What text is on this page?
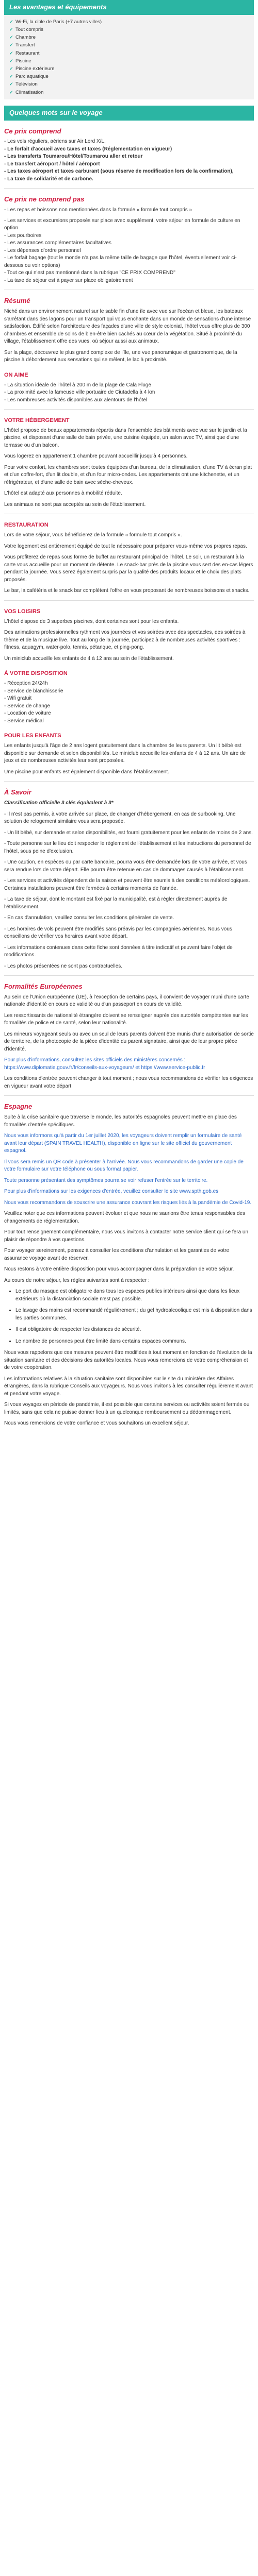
Les avantages et équipements
✔ Wi-Fi, la cible de Paris (+7 autres villes)
✔ Tout compris
✔ Chambre
✔ Transfert
✔ Restaurant
✔ Piscine
✔ Piscine extérieure
✔ Parc aquatique
✔ Télévision
✔ Climatisation
Quelques mots sur le voyage
Ce prix comprend
- Les vols réguliers, aériens sur Air Lord X/L,
- Le forfait d'accueil avec taxes et taxes (Réglementation en vigueur)
- Les transferts Toumarou/Hôtel/Toumarou aller et retour
- Le transfert aéroport / hôtel / aéroport
- Les taxes aéroport et taxes carburant (sous réserve de modification lors de la confirmation),
- La taxe de solidarité et de carbone.
Ce prix ne comprend pas
- Les repas et boissons non mentionnées dans la formule « formule tout compris »
- Les services et excursions proposés sur place avec supplément, votre séjour en formule de culture en option
- Les pourboires
- Les assurances complémentaires facultatives
- Les dépenses d'ordre personnel
- Le forfait bagage (tout le monde n'a pas la même taille de bagage que l'hôtel, éventuellement voir ci-dessous ou voir options)
- Tout ce qui n'est pas mentionné dans la rubrique "CE PRIX COMPREND"
- La taxe de séjour est à payer sur place obligatoirement
Résumé

Niché dans un environnement naturel sur le sable fin d'une île avec vue sur l'océan et bleue, les bateaux s'arrêtant dans des lagons pour un transport qui vous enchante dans un monde de sensations d'une intense satisfaction. Édifié selon l'architecture des façades d'une ville de style colonial, l'hôtel vous offre plus de 300 chambres et ensemble de soins de bien-être bien cachés au cœur de la végétation. Situé à proximité du village, l'établissement offre des vues, où séjour aussi aux animaux.

Sur la plage, découvrez le plus grand complexe de l'île, une vue panoramique et gastronomique, de la piscine à débordement aux sensations qui se mêlent, le lac à proximité.

ON AIME
- La situation idéale de l'hôtel à 200 m de la plage de Cala Fluge
- La proximité avec la fameuse ville portuaire de Ciutadella à 4 km
- Les nombreuses activités disponibles aux alentours de l'hôtel
VOTRE HÉBERGEMENT

L'hôtel propose de beaux appartements répartis dans l'ensemble des bâtiments avec vue sur le jardin et la piscine, et disposant d'une salle de bain privée, une cuisine équipée, un salon avec TV, ainsi que d'une terrasse ou d'un balcon.

Vous logerez en appartement 1 chambre pouvant accueillir jusqu'à 4 personnes.

Pour votre confort, les chambres sont toutes équipées d'un bureau, de la climatisation, d'une TV à écran plat et d'un coffre-fort, d'un lit double, et d'un four micro-ondes. Les appartements ont une kitchenette, et un réfrigérateur, et d'une salle de bain avec sèche-cheveux.

L'hôtel est adapté aux personnes à mobilité réduite.

Les animaux ne sont pas acceptés au sein de l'établissement.

RESTAURATION

Lors de votre séjour, vous bénéficierez de la formule « formule tout compris ».

Votre logement est entièrement équipé de tout le nécessaire pour préparer vous-même vos propres repas.

Vous profiterez de repas sous forme de buffet au restaurant principal de l'hôtel. Le soir, un restaurant à la carte vous accueille pour un moment de détente. Le snack-bar près de la piscine vous sert des en-cas légers pendant la journée. Vous serez également surpris par la qualité des produits locaux et le choix des plats proposés.

Le bar, la cafétéria et le snack bar complètent l'offre en vous proposant de nombreuses boissons et snacks.

VOS LOISIRS

L'hôtel dispose de 3 superbes piscines, dont certaines sont pour les enfants.

Des animations professionnelles rythment vos journées et vos soirées avec des spectacles, des soirées à thème et de la musique live. Tout au long de la journée, participez à de nombreuses activités sportives : fitness, aquagym, water-polo, tennis, pétanque, et ping-pong.

Un miniclub accueille les enfants de 4 à 12 ans au sein de l'établissement.

À VOTRE DISPOSITION
- Réception 24/24h
- Service de blanchisserie
- Wifi gratuit
- Service de change
- Location de voiture
- Service médical
POUR LES ENFANTS

Les enfants jusqu'à l'âge de 2 ans logent gratuitement dans la chambre de leurs parents. Un lit bébé est disponible sur demande et selon disponibilités. Le miniclub accueille les enfants de 4 à 12 ans. Un aire de jeux et de nombreuses activités leur sont proposées.

Une piscine pour enfants est également disponible dans l'établissement.

À Savoir

Classification officielle 3 clés équivalent à 3*

- Il n'est pas permis, à votre arrivée sur place, de changer d'hébergement, en cas de surbooking. Une solution de relogement similaire vous sera proposée.

- Un lit bébé, sur demande et selon disponibilités, est fourni gratuitement pour les enfants de moins de 2 ans.

- Toute personne sur le lieu doit respecter le règlement de l'établissement et les instructions du personnel de l'hôtel, sous peine d'exclusion.

- Une caution, en espèces ou par carte bancaire, pourra vous être demandée lors de votre arrivée, et vous sera rendue lors de votre départ. Elle pourra être retenue en cas de dommages causés à l'établissement.

- Les services et activités dépendent de la saison et peuvent être soumis à des conditions météorologiques. Certaines installations peuvent être fermées à certains moments de l'année.

- La taxe de séjour, dont le montant est fixé par la municipalité, est à régler directement auprès de l'établissement.

- En cas d'annulation, veuillez consulter les conditions générales de vente.

- Les horaires de vols peuvent être modifiés sans préavis par les compagnies aériennes. Nous vous conseillons de vérifier vos horaires avant votre départ.

- Les informations contenues dans cette fiche sont données à titre indicatif et peuvent faire l'objet de modifications.

- Les photos présentées ne sont pas contractuelles.

Formalités Européennes

Au sein de l'Union européenne (UE), à l'exception de certains pays, il convient de voyager muni d'une carte nationale d'identité en cours de validité ou d'un passeport en cours de validité.

Les ressortissants de nationalité étrangère doivent se renseigner auprès des autorités compétentes sur les formalités de police et de santé, selon leur nationalité.

Les mineurs voyageant seuls ou avec un seul de leurs parents doivent être munis d'une autorisation de sortie de territoire, de la photocopie de la pièce d'identité du parent signataire, ainsi que de leur propre pièce d'identité.

Pour plus d'informations, consultez les sites officiels des ministères concernés : https://www.diplomatie.gouv.fr/fr/conseils-aux-voyageurs/ et https://www.service-public.fr

Les conditions d'entrée peuvent changer à tout moment ; nous vous recommandons de vérifier les exigences en vigueur avant votre départ.

Espagne

Suite à la crise sanitaire que traverse le monde, les autorités espagnoles peuvent mettre en place des formalités d'entrée spécifiques.

Nous vous informons qu'à partir du 1er juillet 2020, les voyageurs doivent remplir un formulaire de santé avant leur départ (SPAIN TRAVEL HEALTH), disponible en ligne sur le site officiel du gouvernement espagnol.

Il vous sera remis un QR code à présenter à l'arrivée. Nous vous recommandons de garder une copie de votre formulaire sur votre téléphone ou sous format papier.

Toute personne présentant des symptômes pourra se voir refuser l'entrée sur le territoire.

Pour plus d'informations sur les exigences d'entrée, veuillez consulter le site www.spth.gob.es

Nous vous recommandons de souscrire une assurance couvrant les risques liés à la pandémie de Covid-19.

Veuillez noter que ces informations peuvent évoluer et que nous ne saurions être tenus responsables des changements de réglementation.

Pour tout renseignement complémentaire, nous vous invitons à contacter notre service client qui se fera un plaisir de répondre à vos questions.

Pour voyager sereinement, pensez à consulter les conditions d'annulation et les garanties de votre assurance voyage avant de réserver.

Nous restons à votre entière disposition pour vous accompagner dans la préparation de votre séjour.

Au cours de notre séjour, les règles suivantes sont à respecter :

• Le port du masque est obligatoire dans tous les espaces publics intérieurs ainsi que dans les lieux extérieurs où la distanciation sociale n'est pas possible.
• Le lavage des mains est recommandé régulièrement ; du gel hydroalcoolique est mis à disposition dans les parties communes.
• Il est obligatoire de respecter les distances de sécurité.
• Le nombre de personnes peut être limité dans certains espaces communs.

Nous vous rappelons que ces mesures peuvent être modifiées à tout moment en fonction de l'évolution de la situation sanitaire et des décisions des autorités locales. Nous vous remercions de votre compréhension et de votre coopération.

Les informations relatives à la situation sanitaire sont disponibles sur le site du ministère des Affaires étrangères, dans la rubrique Conseils aux voyageurs. Nous vous invitons à les consulter régulièrement avant et pendant votre voyage.

Si vous voyagez en période de pandémie, il est possible que certains services ou activités soient fermés ou limités, sans que cela ne puisse donner lieu à un quelconque remboursement ou dédommagement.

Nous vous remercions de votre confiance et vous souhaitons un excellent séjour.
